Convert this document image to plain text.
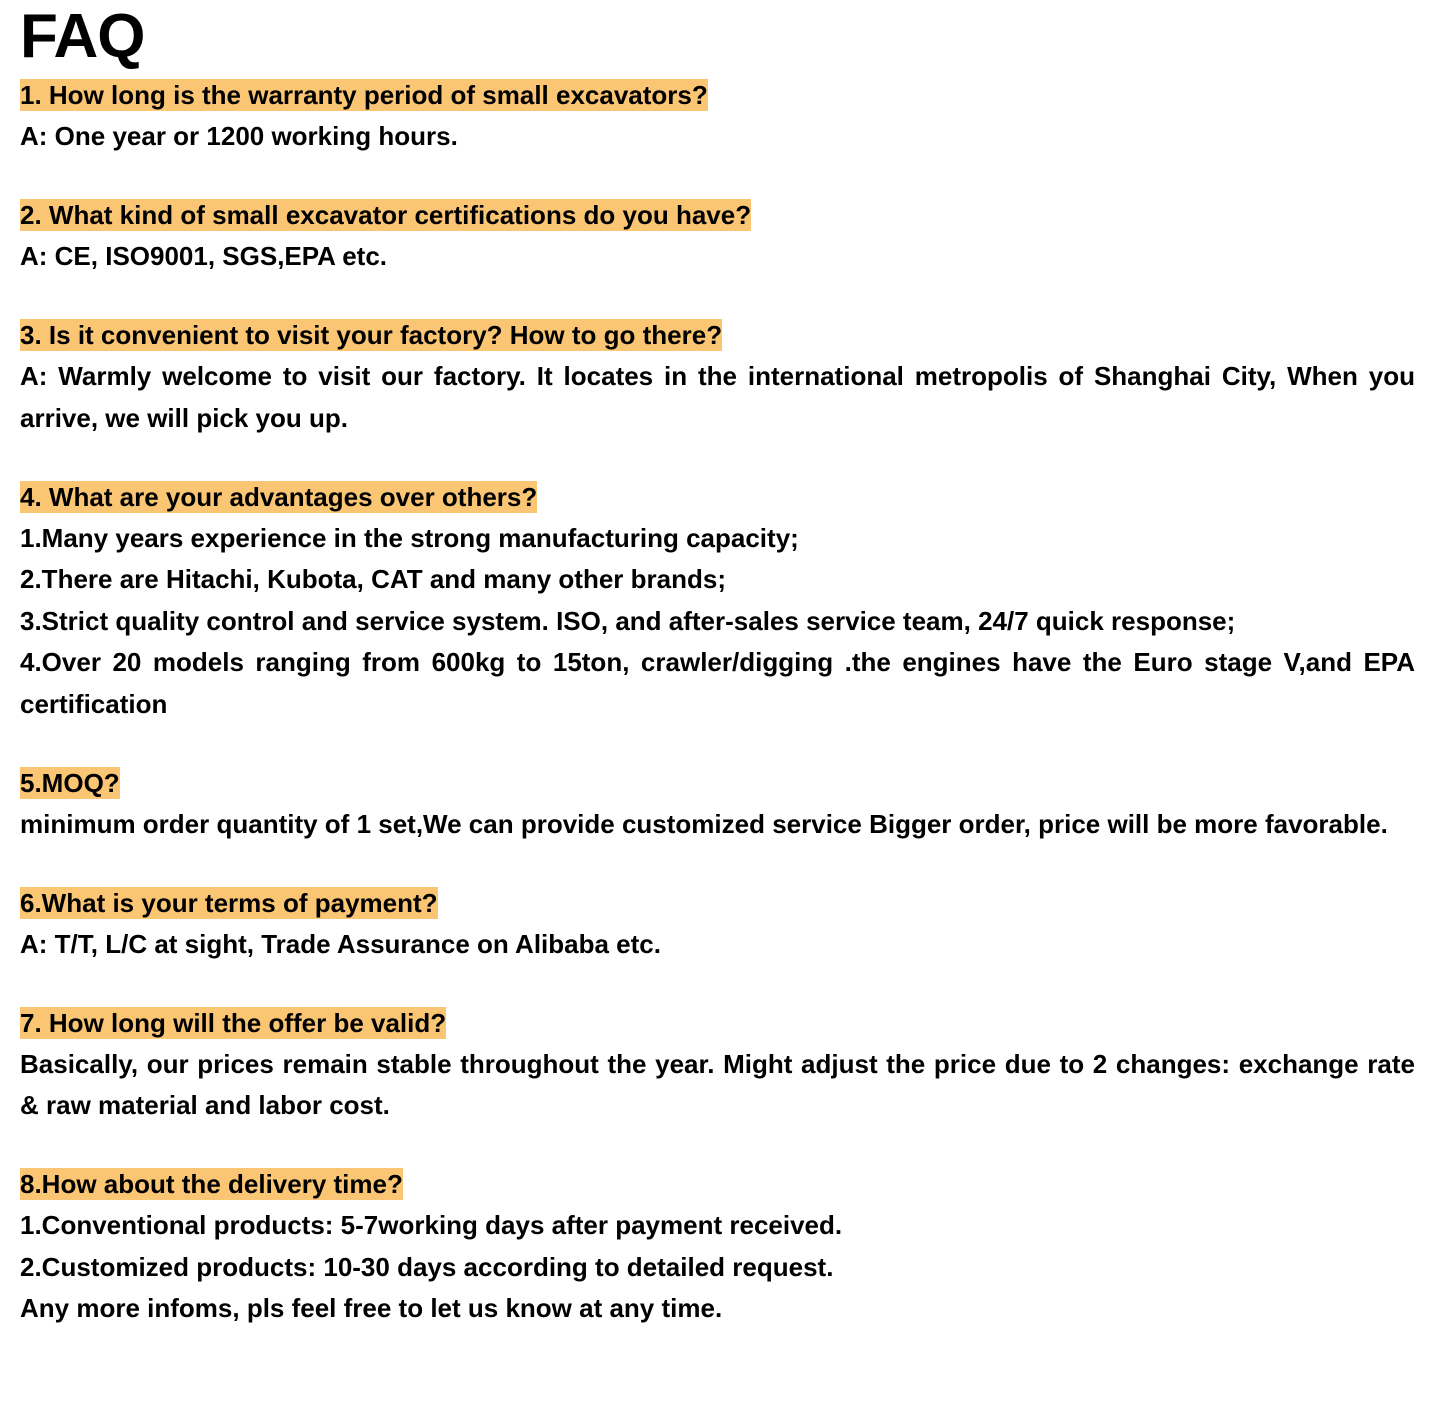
FAQ
1. How long is the warranty period of small excavators?

A: One year or 1200 working hours.

2. What kind of small excavator certifications do you have?

A: CE, ISO9001, SGS,EPA etc.

3. Is it convenient to visit your factory? How to go there?

A: Warmly welcome to visit our factory. It locates in the international metropolis of Shanghai City, When you arrive, we will pick you up.

4. What are your advantages over others?

1.Many years experience in the strong manufacturing capacity;

2.There are Hitachi, Kubota, CAT and many other brands;

3.Strict quality control and service system. ISO, and after-sales service team, 24/7 quick response;

4.Over 20 models ranging from 600kg to 15ton, crawler/digging .the engines have the Euro stage V,and EPA certification

5.MOQ?

minimum order quantity of 1 set,We can provide customized service Bigger order, price will be more favorable.

6.What is your terms of payment?

A: T/T, L/C at sight, Trade Assurance on Alibaba etc.

7. How long will the offer be valid?

Basically, our prices remain stable throughout the year. Might adjust the price due to 2 changes: exchange rate & raw material and labor cost.

8.How about the delivery time?

1.Conventional products: 5-7working days after payment received.

2.Customized products: 10-30 days according to detailed request.

Any more infoms, pls feel free to let us know at any time.
